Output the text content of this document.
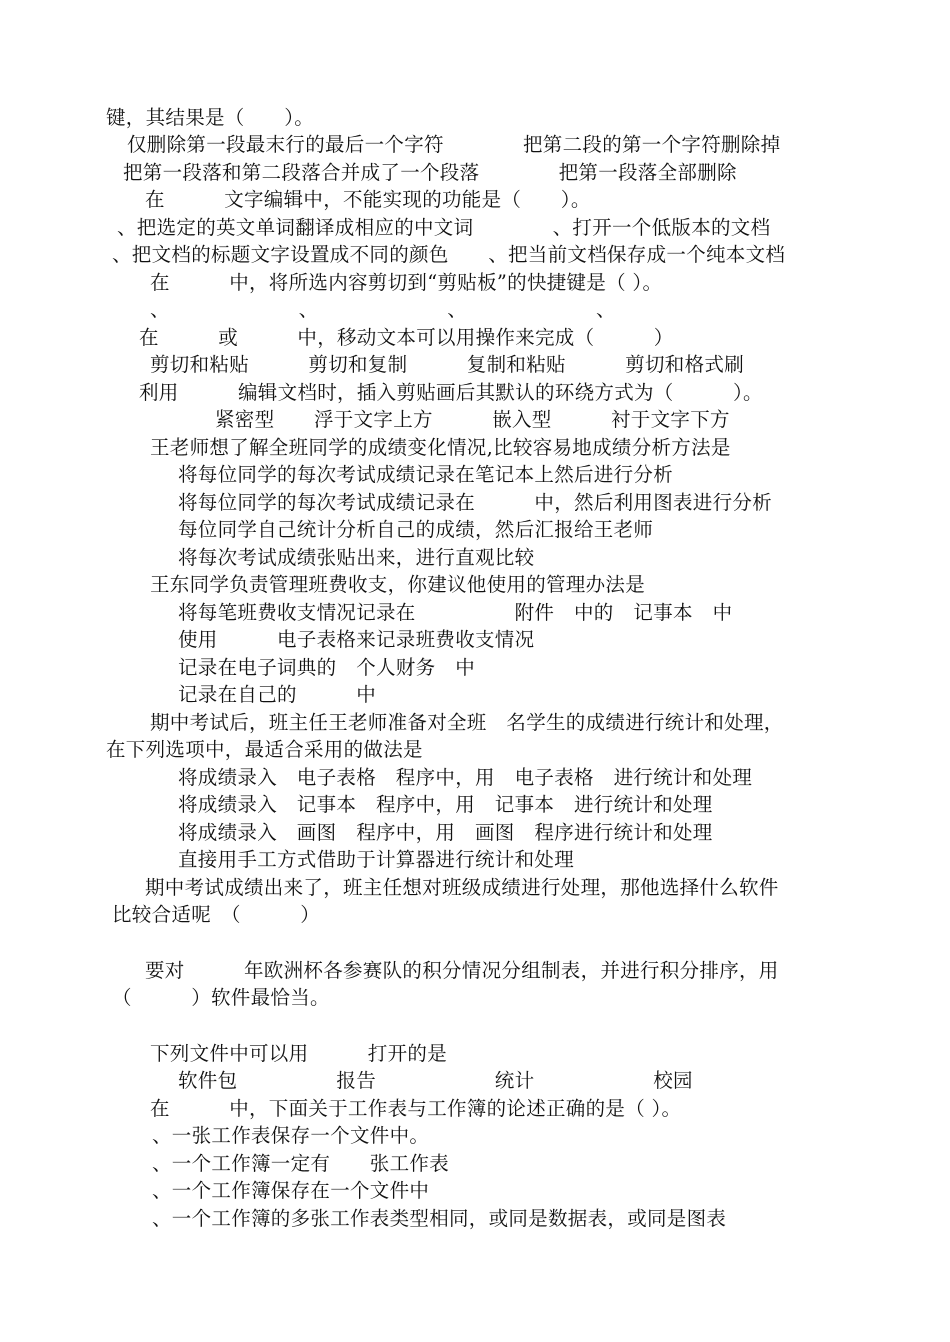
键，其结果是（　　）。
仅删除第一段最末行的最后一个字符　　　　把第二段的第一个字符删除掉
把第一段落和第二段落合并成了一个段落　　　　把第一段落全部删除
在　　　文字编辑中，不能实现的功能是（　　）。
、把选定的英文单词翻译成相应的中文词　　　　、打开一个低版本的文档
、把文档的标题文字设置成不同的颜色　　、把当前文档保存成一个纯本文档
在　　　中，将所选内容剪切到“剪贴板”的快捷键是（ ）。
、　　　　　　　、　　　　　　　、　　　　　　　、
在　　　或　　　中，移动文本可以用操作来完成（　　　）
剪切和粘贴　　　剪切和复制　　　复制和粘贴　　　剪切和格式刷
利用　　　编辑文档时，插入剪贴画后其默认的环绕方式为（　　　）。
紧密型　　浮于文字上方　　　嵌入型　　　衬于文字下方
王老师想了解全班同学的成绩变化情况,比较容易地成绩分析方法是
将每位同学的每次考试成绩记录在笔记本上然后进行分析
将每位同学的每次考试成绩记录在　　　中，然后利用图表进行分析
每位同学自己统计分析自己的成绩，然后汇报给王老师
将每次考试成绩张贴出来，进行直观比较
王东同学负责管理班费收支，你建议他使用的管理办法是
将每笔班费收支情况记录在　　　　　附件　中的　记事本　中
使用　　　电子表格来记录班费收支情况
记录在电子词典的　个人财务　中
记录在自己的　　　中
期中考试后，班主任王老师准备对全班　名学生的成绩进行统计和处理，
在下列选项中，最适合采用的做法是
将成绩录入　电子表格　程序中，用　电子表格　进行统计和处理
将成绩录入　记事本　程序中，用　记事本　进行统计和处理
将成绩录入　画图　程序中，用　画图　程序进行统计和处理
直接用手工方式借助于计算器进行统计和处理
期中考试成绩出来了，班主任想对班级成绩进行处理，那他选择什么软件
比较合适呢　（　　　）
要对　　　年欧洲杯各参赛队的积分情况分组制表，并进行积分排序，用
（　　　）软件最恰当。
下列文件中可以用　　　打开的是
软件包　　　　　报告　　　　　　统计　　　　　　校园
在　　　中，下面关于工作表与工作簿的论述正确的是（ ）。
、一张工作表保存一个文件中。
、一个工作簿一定有　　张工作表
、一个工作簿保存在一个文件中
、一个工作簿的多张工作表类型相同，或同是数据表，或同是图表
